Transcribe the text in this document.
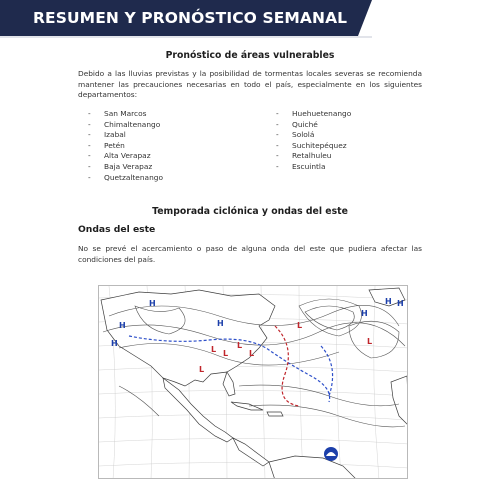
RESUMEN Y PRONÓSTICO SEMANAL
Pronóstico de áreas vulnerables

Debido a las lluvias previstas y la posibilidad de tormentas locales severas se recomienda mantener las precauciones necesarias en todo el país, especialmente en los siguientes departamentos:

- San Marcos
- Chimaltenango
- Izabal
- Petén
- Alta Verapaz
- Baja Verapaz
- Quetzaltenango
- Huehuetenango
- Quiché
- Sololá
- Suchitepéquez
- Retalhuleu
- Escuintla
Temporada ciclónica y ondas del este
Ondas del este

No se prevé el acercamiento o paso de alguna onda del este que pudiera afectar las condiciones del país.

H
H
H
H
H
L
L L
L
L
L
H
H
L
